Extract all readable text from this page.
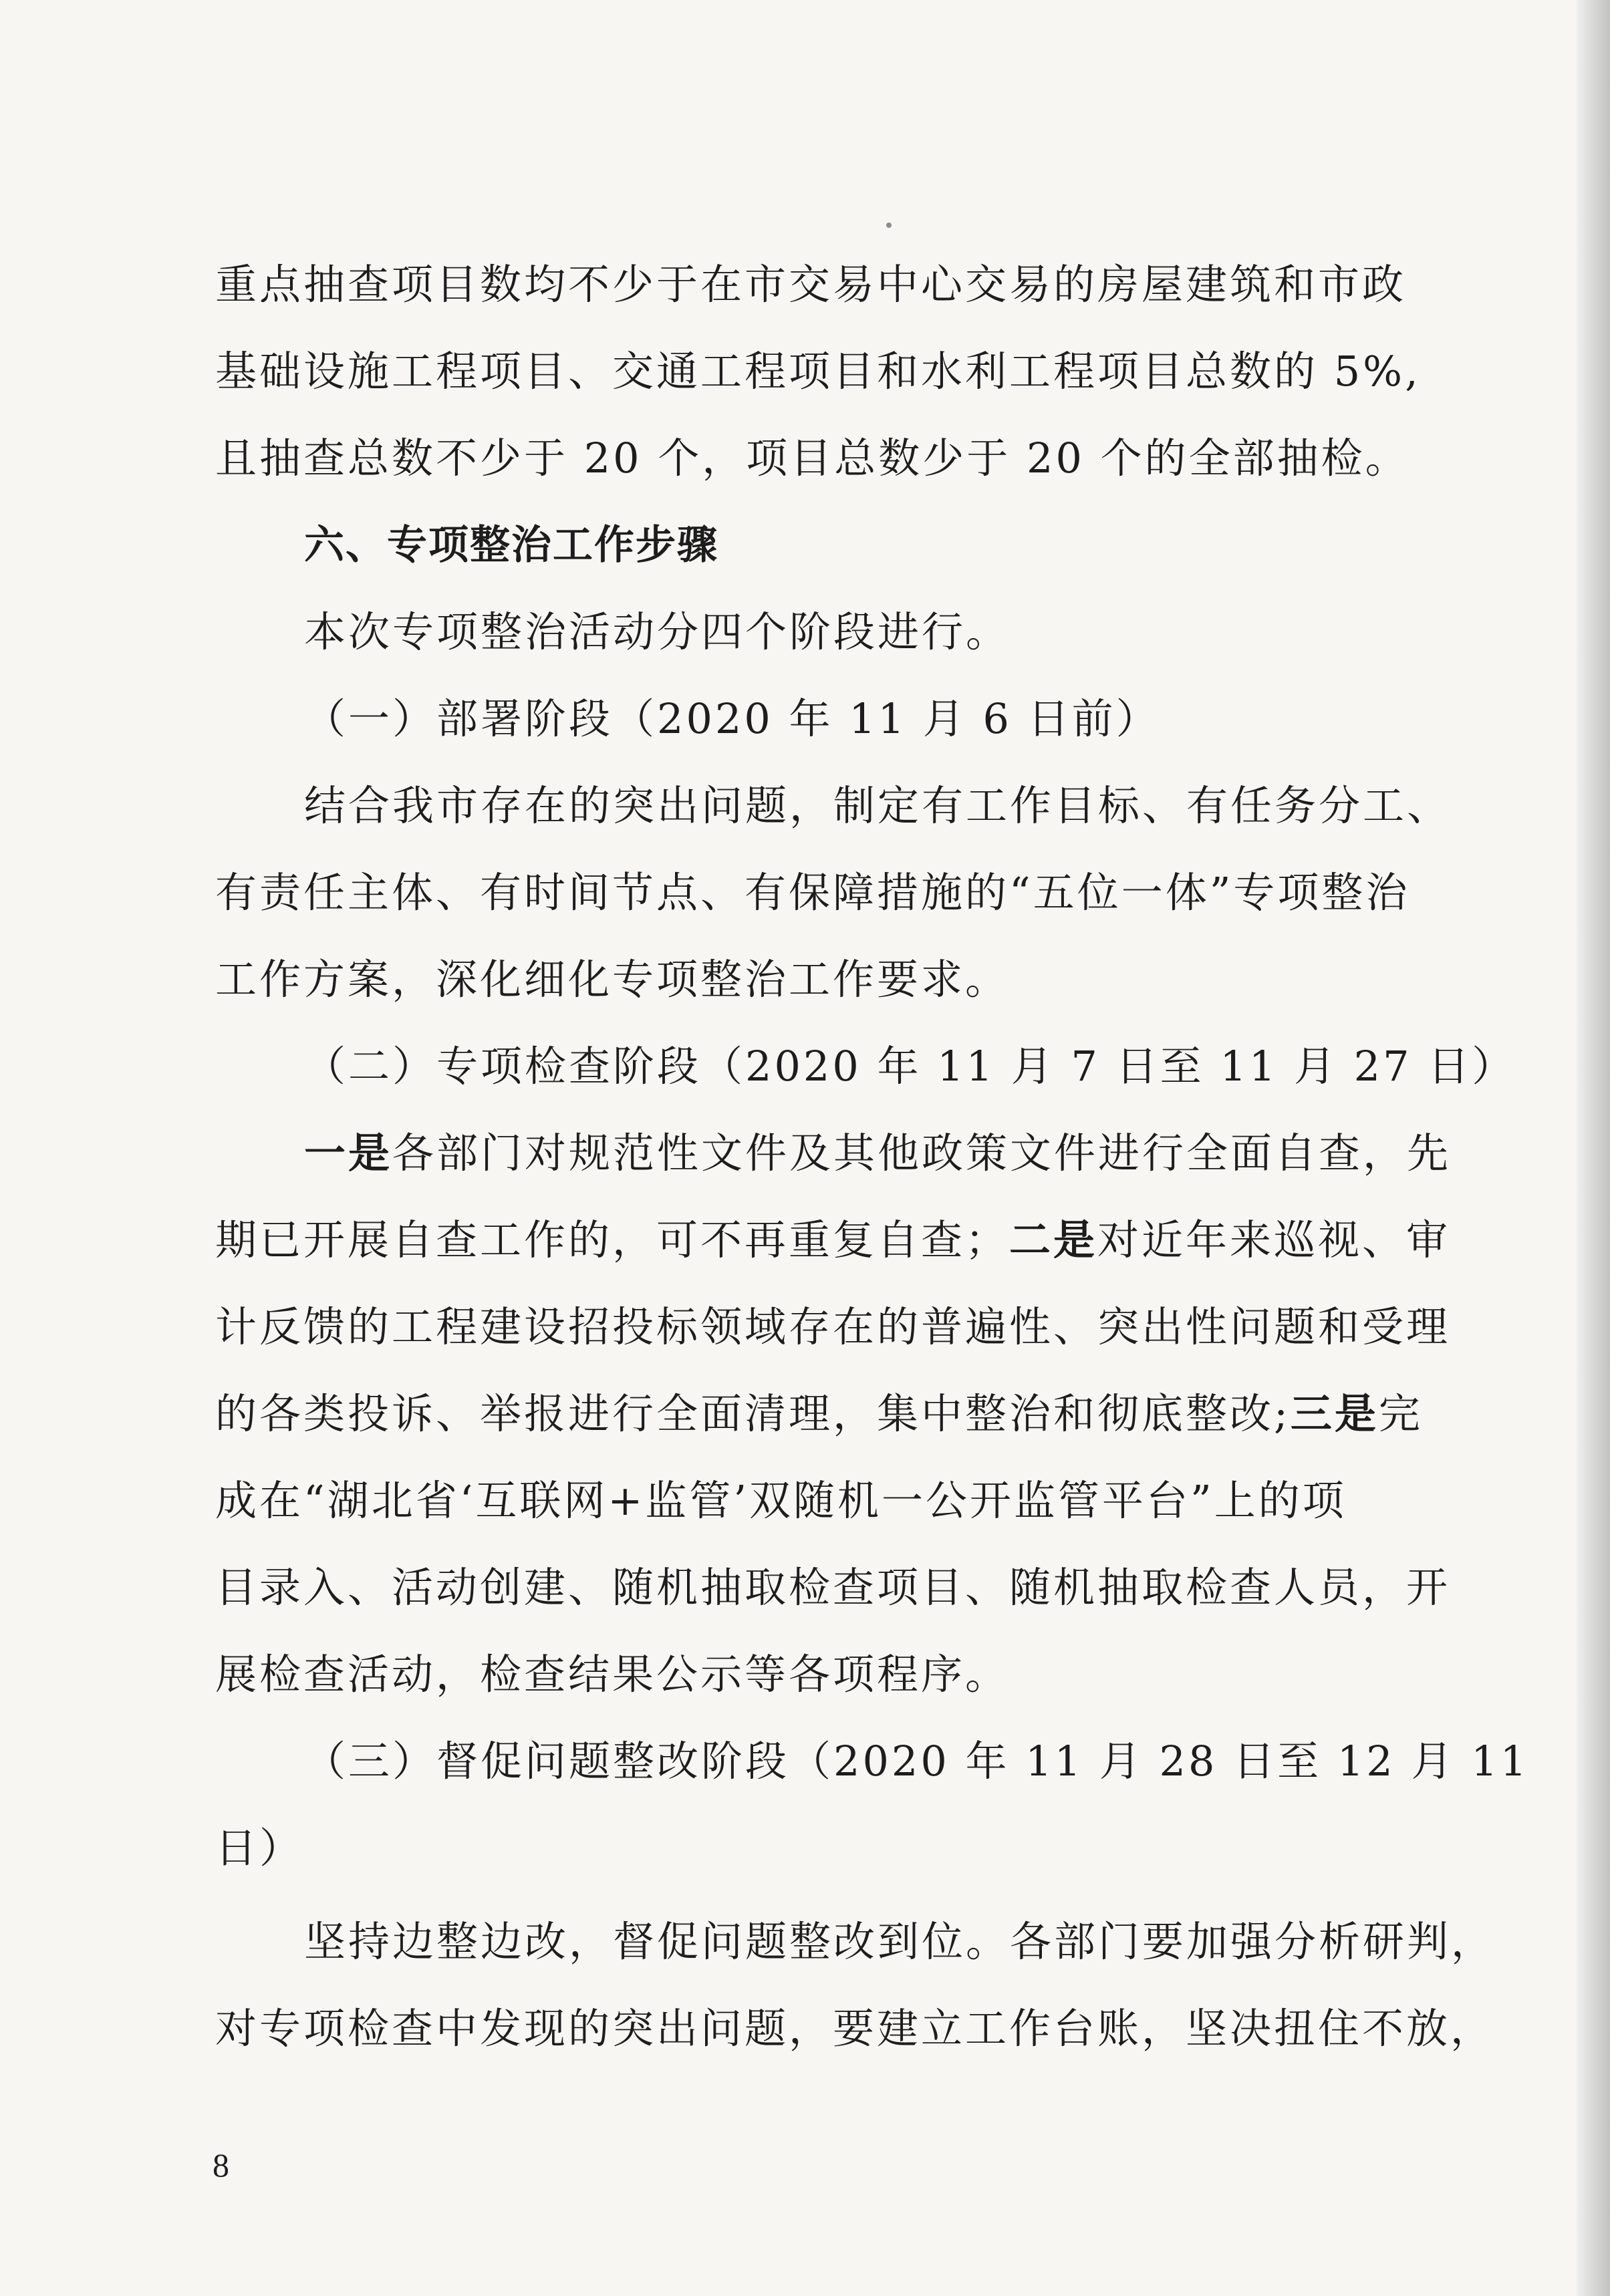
重点抽查项目数均不少于在市交易中心交易的房屋建筑和市政

基础设施工程项目、交通工程项目和水利工程项目总数的 5%,

且抽查总数不少于 20 个，项目总数少于 20 个的全部抽检。

六、专项整治工作步骤

本次专项整治活动分四个阶段进行。

（一）部署阶段（2020 年 11 月 6 日前）

结合我市存在的突出问题，制定有工作目标、有任务分工、

有责任主体、有时间节点、有保障措施的“五位一体”专项整治

工作方案，深化细化专项整治工作要求。

（二）专项检查阶段（2020 年 11 月 7 日至 11 月 27 日）

一是各部门对规范性文件及其他政策文件进行全面自查，先

期已开展自查工作的，可不再重复自查；二是对近年来巡视、审

计反馈的工程建设招投标领域存在的普遍性、突出性问题和受理

的各类投诉、举报进行全面清理，集中整治和彻底整改;三是完

成在“湖北省‘互联网+监管’双随机一公开监管平台”上的项

目录入、活动创建、随机抽取检查项目、随机抽取检查人员，开

展检查活动，检查结果公示等各项程序。

（三）督促问题整改阶段（2020 年 11 月 28 日至 12 月 11

日）

坚持边整边改，督促问题整改到位。各部门要加强分析研判，

对专项检查中发现的突出问题，要建立工作台账，坚决扭住不放，

8
